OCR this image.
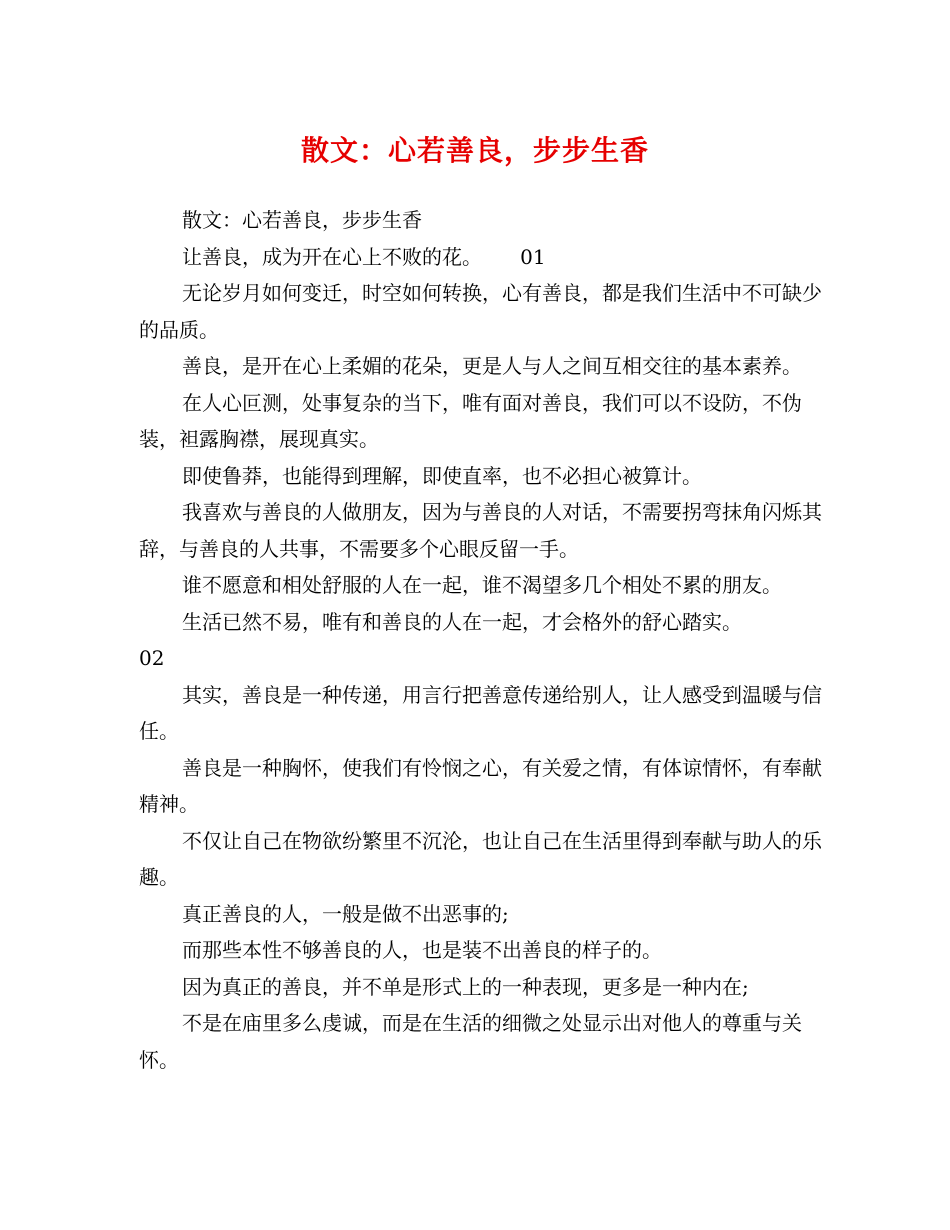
散文：心若善良，步步生香

散文：心若善良，步步生香

让善良，成为开在心上不败的花。      01

无论岁月如何变迁，时空如何转换，心有善良，都是我们生活中不可缺少的品质。

善良，是开在心上柔媚的花朵，更是人与人之间互相交往的基本素养。

在人心叵测，处事复杂的当下，唯有面对善良，我们可以不设防，不伪装，袒露胸襟，展现真实。

即使鲁莽，也能得到理解，即使直率，也不必担心被算计。

我喜欢与善良的人做朋友，因为与善良的人对话，不需要拐弯抹角闪烁其辞，与善良的人共事，不需要多个心眼反留一手。

谁不愿意和相处舒服的人在一起，谁不渴望多几个相处不累的朋友。

生活已然不易，唯有和善良的人在一起，才会格外的舒心踏实。

02

其实，善良是一种传递，用言行把善意传递给别人，让人感受到温暖与信任。

善良是一种胸怀，使我们有怜悯之心，有关爱之情，有体谅情怀，有奉献精神。

不仅让自己在物欲纷繁里不沉沦，也让自己在生活里得到奉献与助人的乐趣。

真正善良的人，一般是做不出恶事的;

而那些本性不够善良的人，也是装不出善良的样子的。

因为真正的善良，并不单是形式上的一种表现，更多是一种内在;

不是在庙里多么虔诚，而是在生活的细微之处显示出对他人的尊重与关怀。
